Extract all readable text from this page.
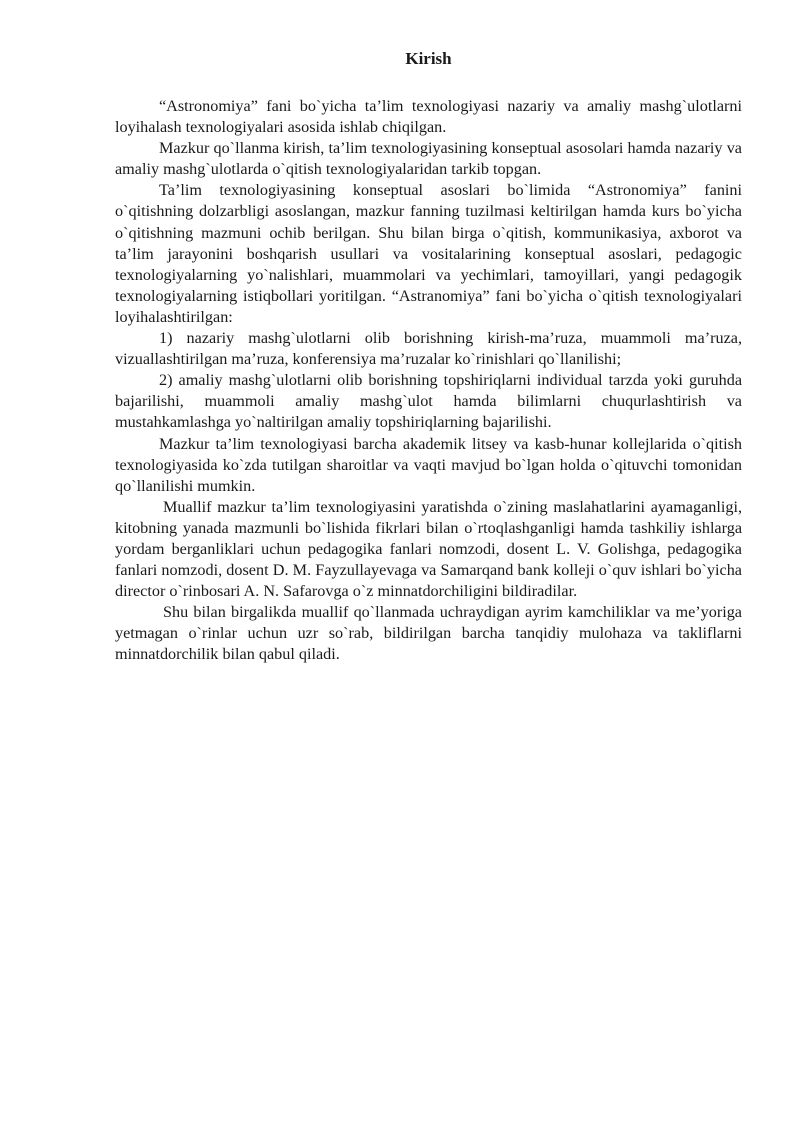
Kirish

“Astronomiya” fani bo`yicha ta’lim texnologiyasi nazariy va amaliy mashg`ulotlarni loyihalash texnologiyalari asosida ishlab chiqilgan.

Mazkur qo`llanma kirish, ta’lim texnologiyasining konseptual asosolari hamda nazariy va amaliy mashg`ulotlarda o`qitish texnologiyalaridan tarkib topgan.

Ta’lim texnologiyasining konseptual asoslari bo`limida “Astronomiya” fanini o`qitishning dolzarbligi asoslangan, mazkur fanning tuzilmasi keltirilgan hamda kurs bo`yicha o`qitishning mazmuni ochib berilgan. Shu bilan birga o`qitish, kommunikasiya, axborot va ta’lim jarayonini boshqarish usullari va vositalarining konseptual asoslari, pedagogic texnologiyalarning yo`nalishlari, muammolari va yechimlari, tamoyillari, yangi pedagogik texnologiyalarning istiqbollari yoritilgan. “Astranomiya” fani bo`yicha o`qitish texnologiyalari loyihalashtirilgan:

1) nazariy mashg`ulotlarni olib borishning kirish-ma’ruza, muammoli ma’ruza, vizuallashtirilgan ma’ruza, konferensiya ma’ruzalar ko`rinishlari qo`llanilishi;

2) amaliy mashg`ulotlarni olib borishning topshiriqlarni individual tarzda yoki guruhda bajarilishi, muammoli amaliy mashg`ulot hamda bilimlarni chuqurlashtirish va mustahkamlashga yo`naltirilgan amaliy topshiriqlarning bajarilishi.

Mazkur ta’lim texnologiyasi barcha akademik litsey va kasb-hunar kollejlarida o`qitish texnologiyasida ko`zda tutilgan sharoitlar va vaqti mavjud bo`lgan holda o`qituvchi tomonidan qo`llanilishi mumkin.

Muallif mazkur ta’lim texnologiyasini yaratishda o`zining maslahatlarini ayamaganligi, kitobning yanada mazmunli bo`lishida fikrlari bilan o`rtoqlashganligi hamda tashkiliy ishlarga yordam berganliklari uchun pedagogika fanlari nomzodi, dosent L. V. Golishga, pedagogika fanlari nomzodi, dosent D. M. Fayzullayevaga va Samarqand bank kolleji o`quv ishlari bo`yicha director o`rinbosari A. N. Safarovga o`z minnatdorchiligini bildiradilar.

Shu bilan birgalikda muallif qo`llanmada uchraydigan ayrim kamchiliklar va me’yoriga yetmagan o`rinlar uchun uzr so`rab, bildirilgan barcha tanqidiy mulohaza va takliflarni minnatdorchilik bilan qabul qiladi.
